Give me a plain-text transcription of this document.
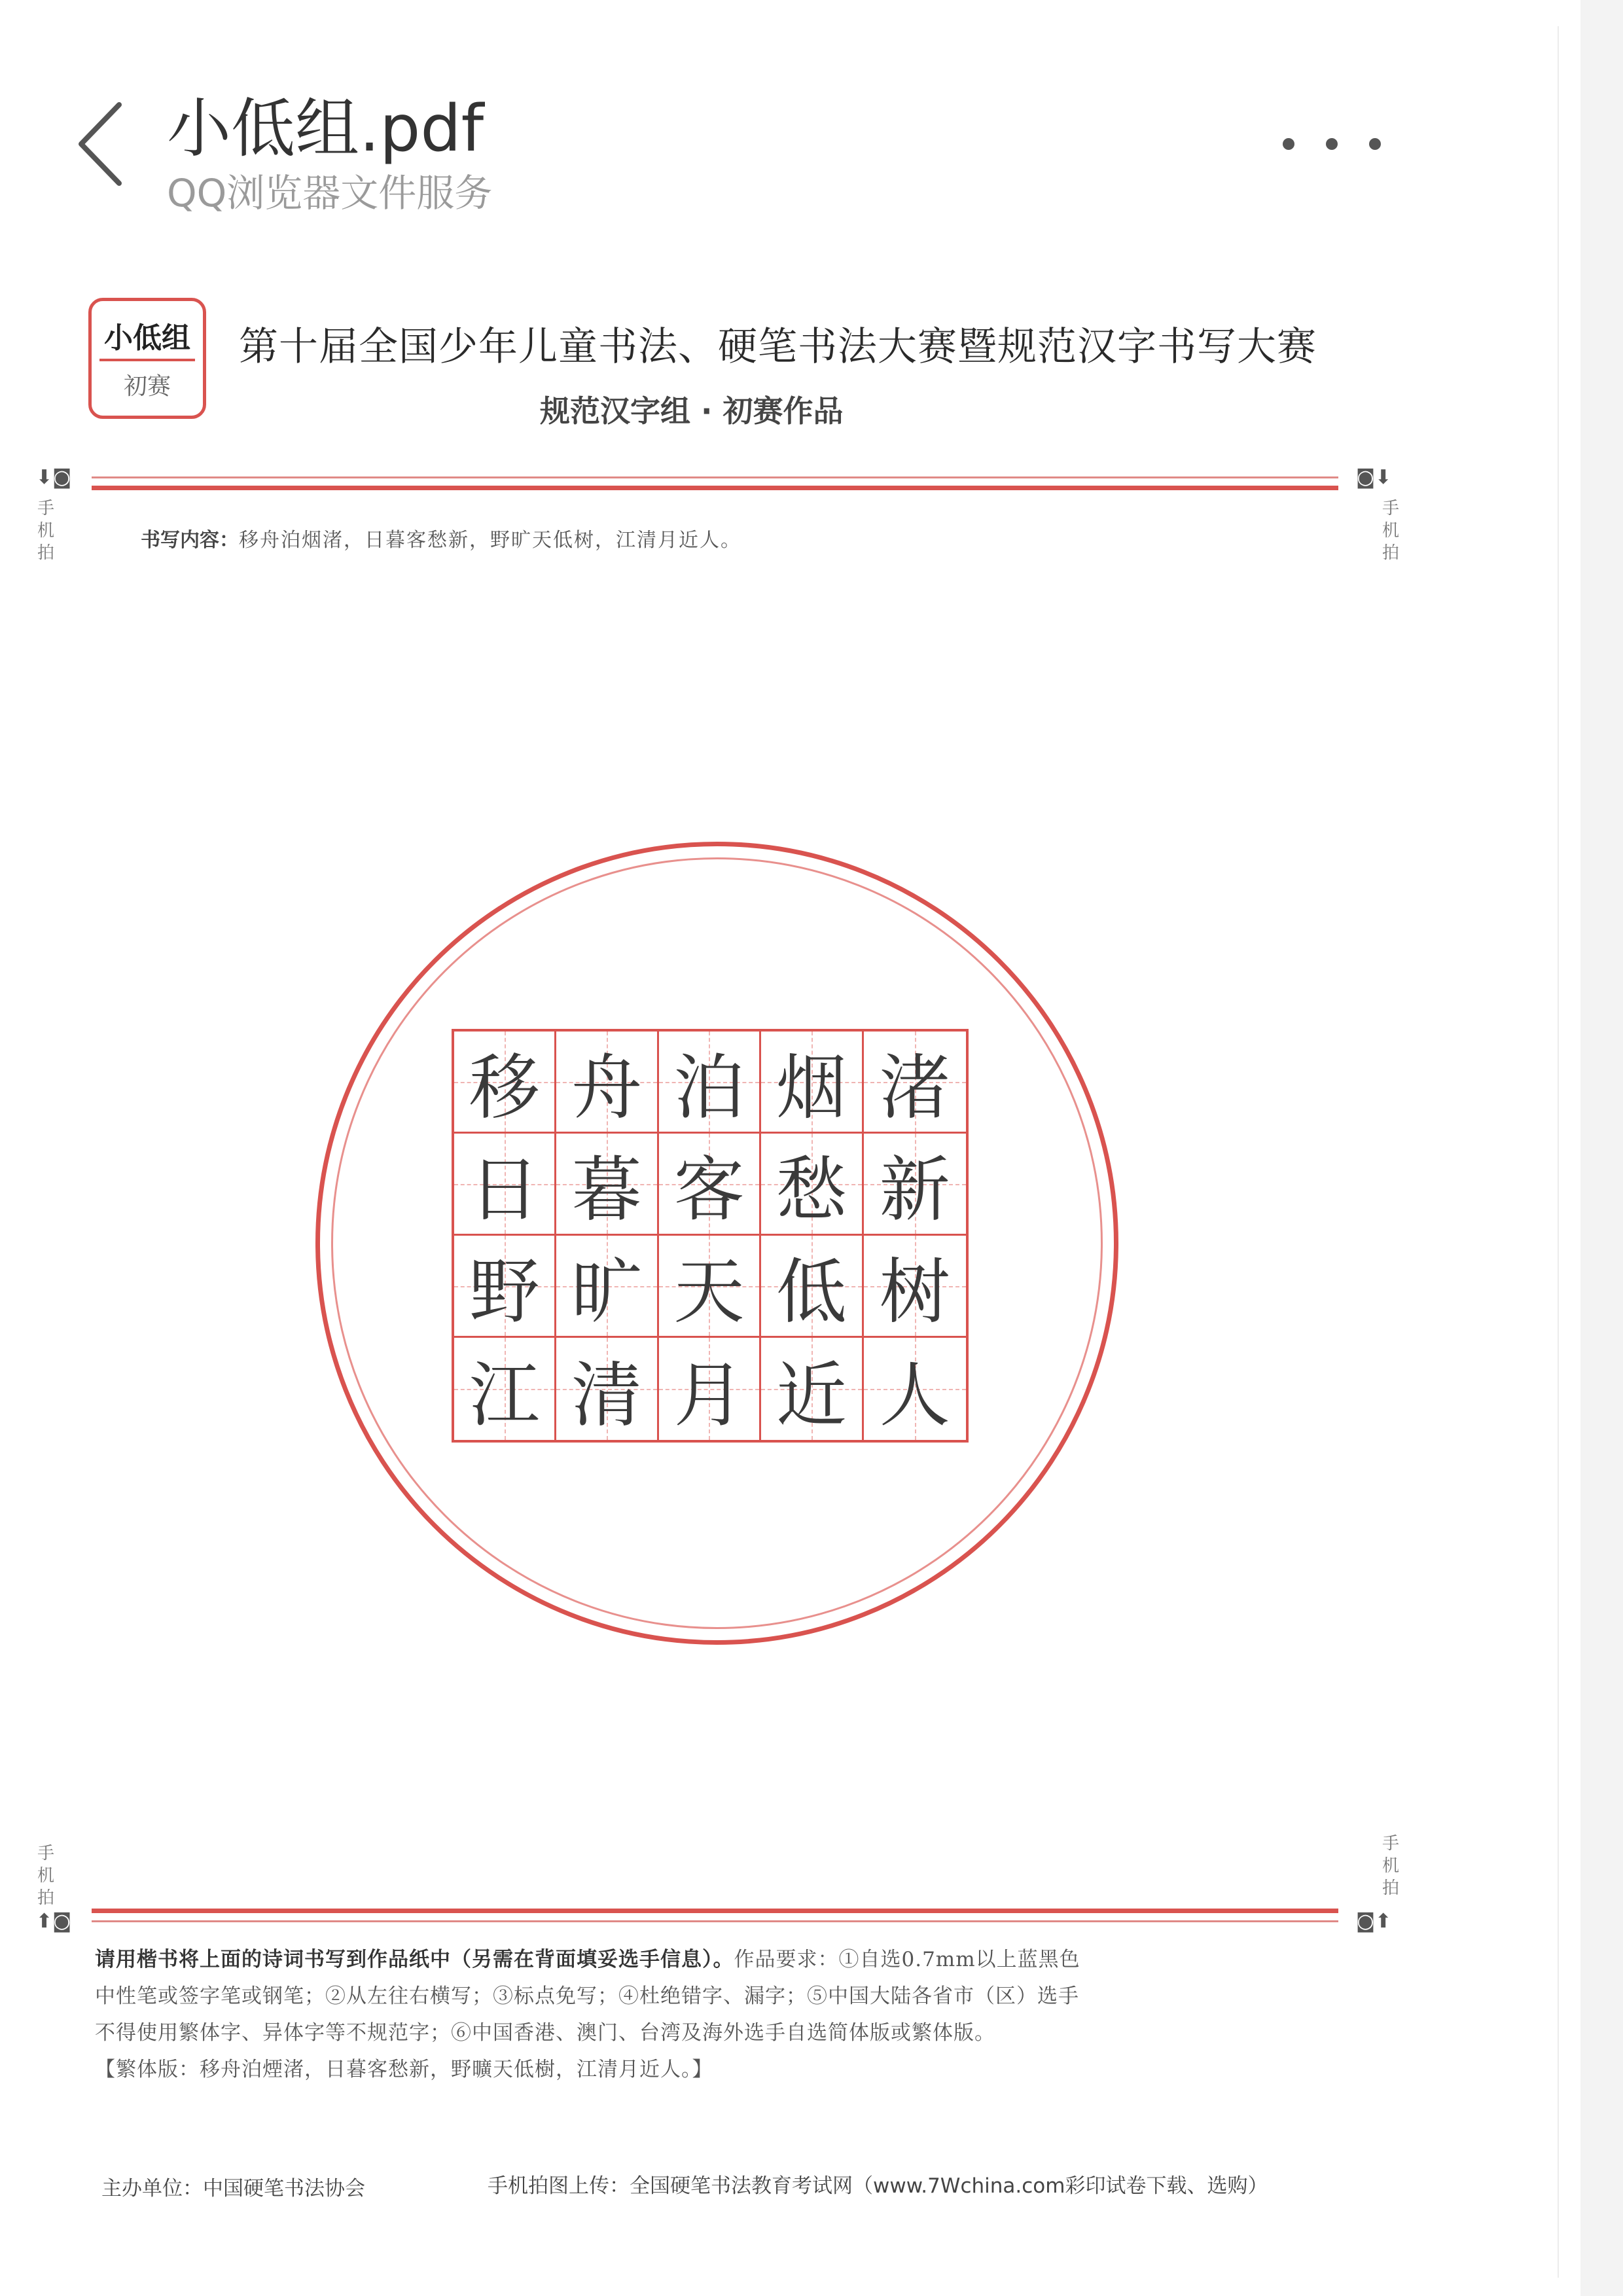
小低组.pdf
QQ浏览器文件服务
小低组
初赛
第十届全国少年儿童书法、硬笔书法大赛暨规范汉字书写大赛
规范汉字组 · 初赛作品
⬇◙
手机拍
◙⬇
手机拍
手机拍
⬆◙
手机拍
◙⬆
书写内容：移舟泊烟渚，日暮客愁新，野旷天低树，江清月近人。
移 舟 泊 烟 渚
日 暮 客 愁 新
野 旷 天 低 树
江 清 月 近 人
请用楷书将上面的诗词书写到作品纸中（另需在背面填妥选手信息）。作品要求：①自选0.7mm以上蓝黑色
中性笔或签字笔或钢笔；②从左往右横写；③标点免写；④杜绝错字、漏字；⑤中国大陆各省市（区）选手
不得使用繁体字、异体字等不规范字；⑥中国香港、澳门、台湾及海外选手自选简体版或繁体版。
【繁体版：移舟泊煙渚，日暮客愁新，野曠天低樹，江清月近人。】
主办单位：中国硬笔书法协会	手机拍图上传：全国硬笔书法教育考试网（www.7Wchina.com彩印试卷下载、选购）
